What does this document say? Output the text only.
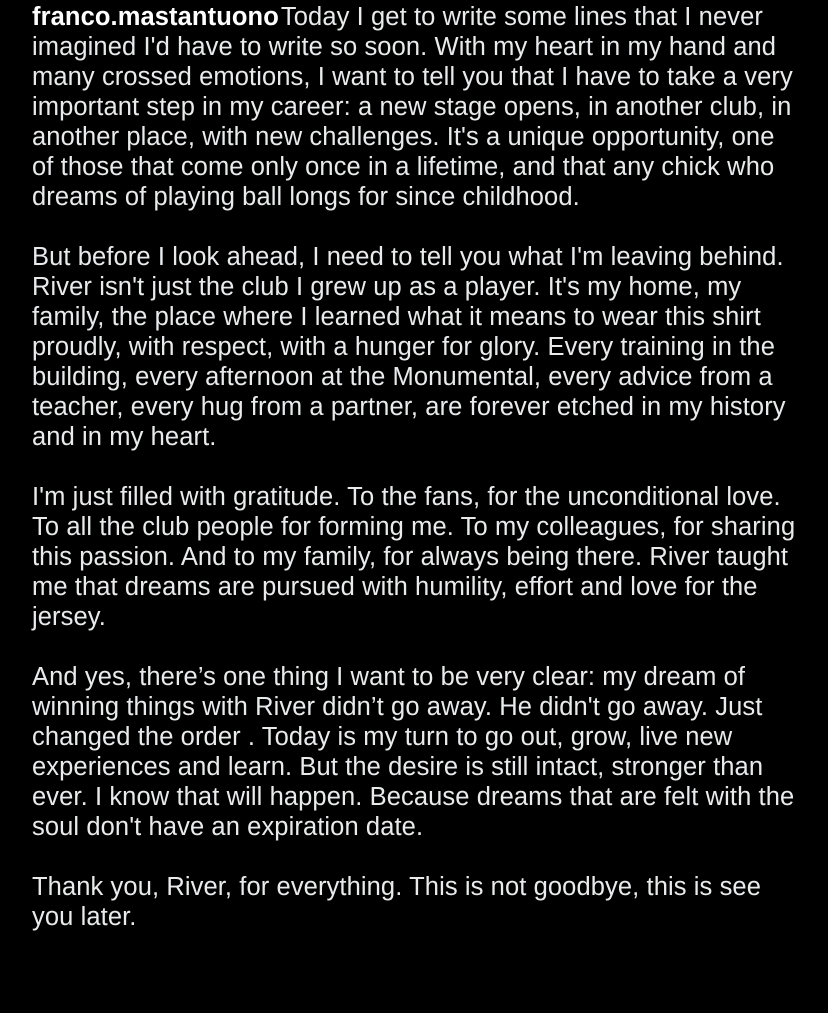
franco.mastantuonoToday I get to write some lines that I never imagined I'd have to write so soon. With my heart in my hand and many crossed emotions, I want to tell you that I have to take a very important step in my career: a new stage opens, in another club, in another place, with new challenges. It's a unique opportunity, one of those that come only once in a lifetime, and that any chick who dreams of playing ball longs for since childhood.
But before I look ahead, I need to tell you what I'm leaving behind. River isn't just the club I grew up as a player. It's my home, my family, the place where I learned what it means to wear this shirt proudly, with respect, with a hunger for glory. Every training in the building, every afternoon at the Monumental, every advice from a teacher, every hug from a partner, are forever etched in my history and in my heart.
I'm just filled with gratitude. To the fans, for the unconditional love. To all the club people for forming me. To my colleagues, for sharing this passion. And to my family, for always being there. River taught me that dreams are pursued with humility, effort and love for the jersey.
And yes, there’s one thing I want to be very clear: my dream of winning things with River didn’t go away. He didn't go away. Just changed the order . Today is my turn to go out, grow, live new experiences and learn. But the desire is still intact, stronger than ever. I know that will happen. Because dreams that are felt with the soul don't have an expiration date.
Thank you, River, for everything. This is not goodbye, this is see you later.
